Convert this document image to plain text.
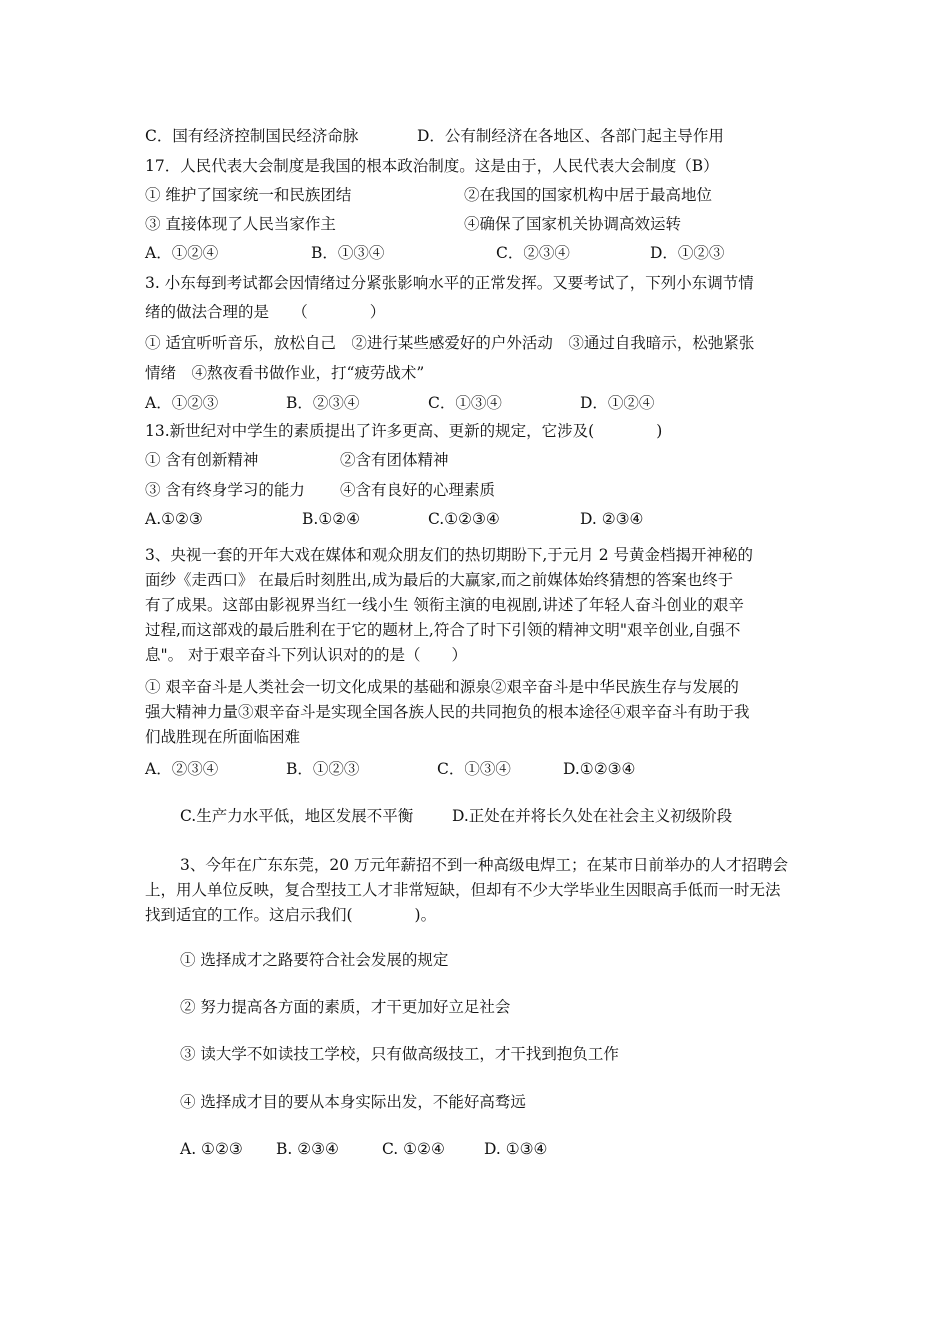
C．国有经济控制国民经济命脉	D．公有制经济在各地区、各部门起主导作用
17．人民代表大会制度是我国的根本政治制度。这是由于，人民代表大会制度（B）
① 维护了国家统一和民族团结	②在我国的国家机构中居于最高地位
③ 直接体现了人民当家作主	④确保了国家机关协调高效运转
A．①②④	B．①③④	C．②③④	D．①②③
3. 小东每到考试都会因情绪过分紧张影响水平的正常发挥。又要考试了，下列小东调节情
绪的做法合理的是　　（　　　　）
① 适宜听听音乐，放松自己　②进行某些感爱好的户外活动　③通过自我暗示，松弛紧张
情绪　④熬夜看书做作业，打“疲劳战术”
A．①②③	B．②③④	C．①③④	D．①②④
13.新世纪对中学生的素质提出了许多更高、更新的规定，它涉及(　　　　)
① 含有创新精神	②含有团体精神
③ 含有终身学习的能力 ④含有良好的心理素质
A.①②③	B.①②④	C.①②③④	D. ②③④
3、央视一套的开年大戏在媒体和观众朋友们的热切期盼下,于元月 2 号黄金档揭开神秘的
面纱《走西口》 在最后时刻胜出,成为最后的大赢家,而之前媒体始终猜想的答案也终于
有了成果。这部由影视界当红一线小生 领衔主演的电视剧,讲述了年轻人奋斗创业的艰辛
过程,而这部戏的最后胜利在于它的题材上,符合了时下引领的精神文明"艰辛创业,自强不
息"。 对于艰辛奋斗下列认识对的的是（　　）
① 艰辛奋斗是人类社会一切文化成果的基础和源泉②艰辛奋斗是中华民族生存与发展的
强大精神力量③艰辛奋斗是实现全国各族人民的共同抱负的根本途径④艰辛奋斗有助于我
们战胜现在所面临困难
A．②③④	B．①②③	C．①③④	D.①②③④
C.生产力水平低，地区发展不平衡	D.正处在并将长久处在社会主义初级阶段
3、今年在广东东莞，20 万元年薪招不到一种高级电焊工；在某市日前举办的人才招聘会
上，用人单位反映，复合型技工人才非常短缺，但却有不少大学毕业生因眼高手低而一时无法
找到适宜的工作。这启示我们(　　　　)。
① 选择成才之路要符合社会发展的规定
② 努力提高各方面的素质，才干更加好立足社会
③ 读大学不如读技工学校，只有做高级技工，才干找到抱负工作
④ 选择成才目的要从本身实际出发，不能好高骛远
A. ①②③ B. ②③④	C. ①②④	D. ①③④
